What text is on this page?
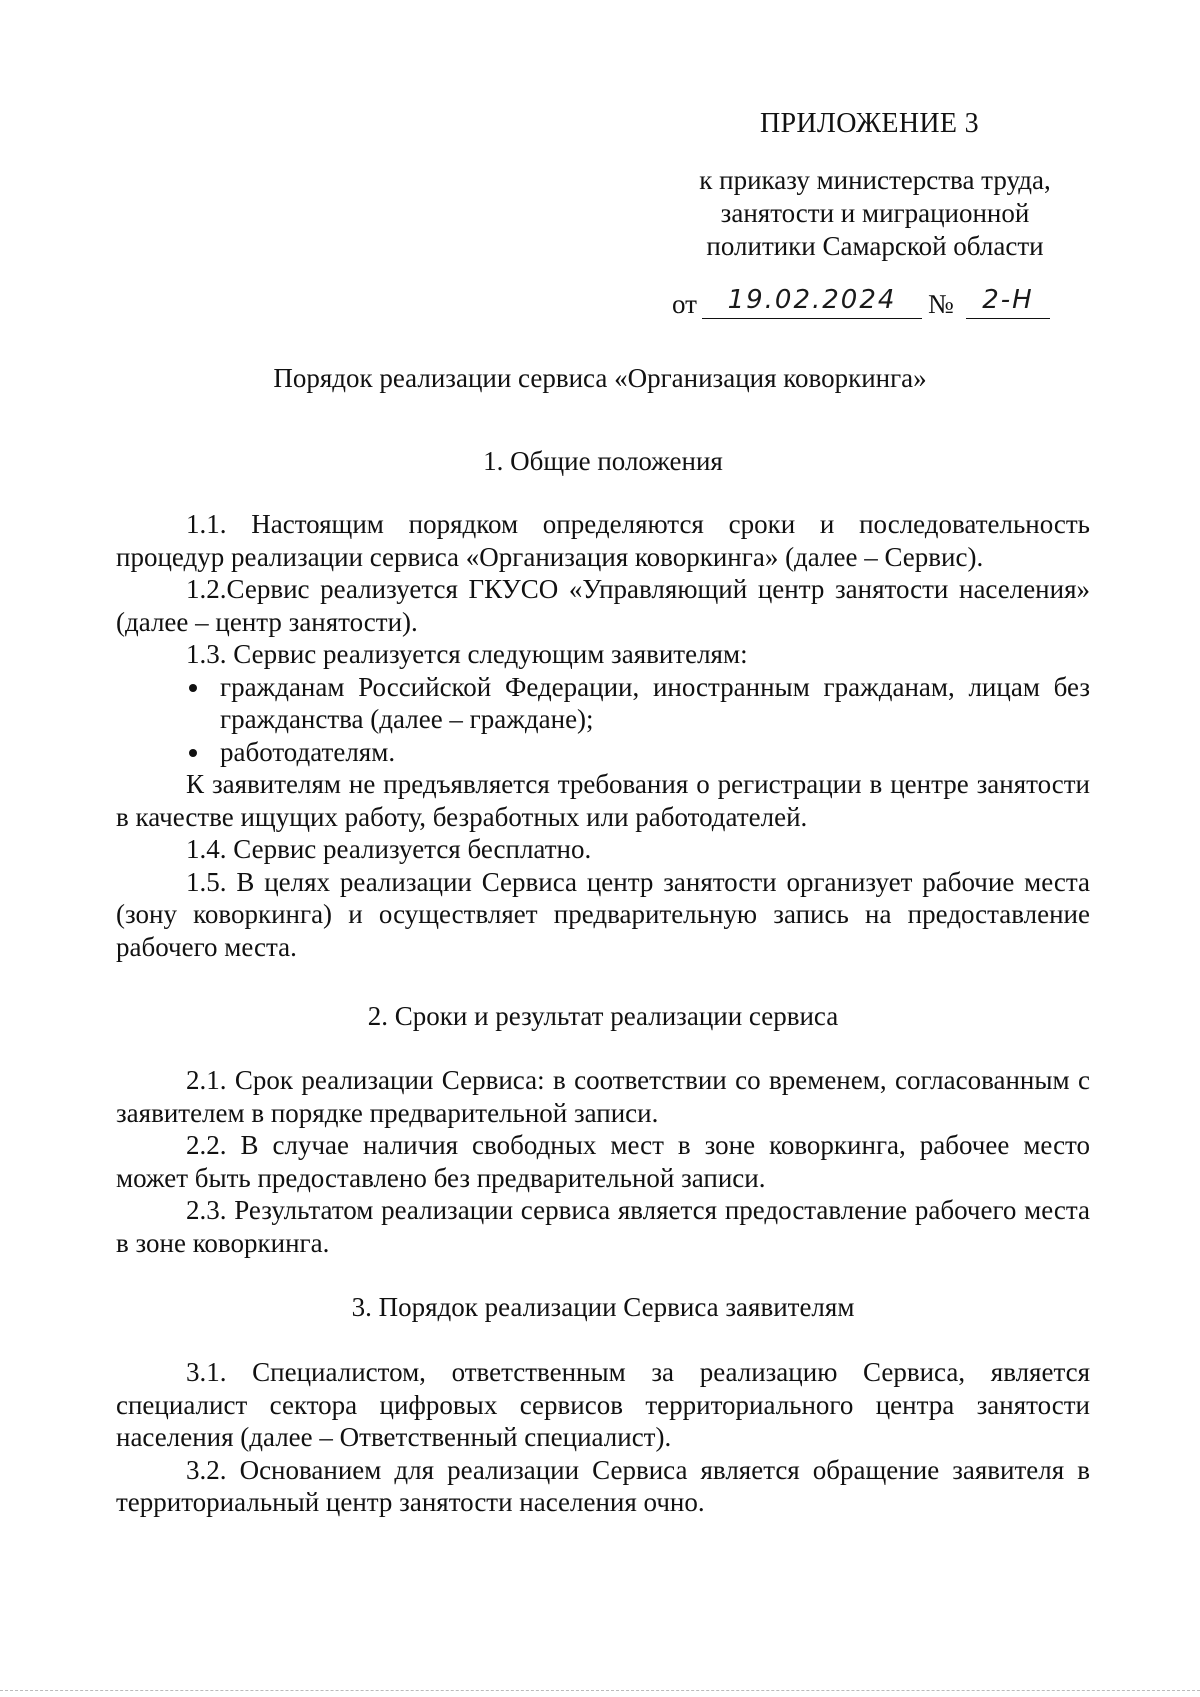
ПРИЛОЖЕНИЕ 3
к приказу министерства труда,
занятости и миграционной
политики Самарской области
от	19.02.2024	№	2-Н
Порядок реализации сервиса «Организация коворкинга»
1. Общие положения

1.1. Настоящим порядком определяются сроки и последовательность процедур реализации сервиса «Организация коворкинга» (далее – Сервис).

1.2.Сервис реализуется ГКУСО «Управляющий центр занятости населения» (далее – центр занятости).

1.3. Сервис реализуется следующим заявителям:

гражданам Российской Федерации, иностранным гражданам, лицам без гражданства (далее – граждане);
работодателям.

К заявителям не предъявляется требования о регистрации в центре занятости в качестве ищущих работу, безработных или работодателей.

1.4. Сервис реализуется бесплатно.

1.5. В целях реализации Сервиса центр занятости организует рабочие места (зону коворкинга) и осуществляет предварительную запись на предоставление рабочего места.

2. Сроки и результат реализации сервиса

2.1. Срок реализации Сервиса: в соответствии со временем, согласованным с заявителем в порядке предварительной записи.

2.2. В случае наличия свободных мест в зоне коворкинга, рабочее место может быть предоставлено без предварительной записи.

2.3. Результатом реализации сервиса является предоставление рабочего места в зоне коворкинга.

3. Порядок реализации Сервиса заявителям

3.1. Специалистом, ответственным за реализацию Сервиса, является специалист сектора цифровых сервисов территориального центра занятости населения (далее – Ответственный специалист).

3.2. Основанием для реализации Сервиса является обращение заявителя в территориальный центр занятости населения очно.
